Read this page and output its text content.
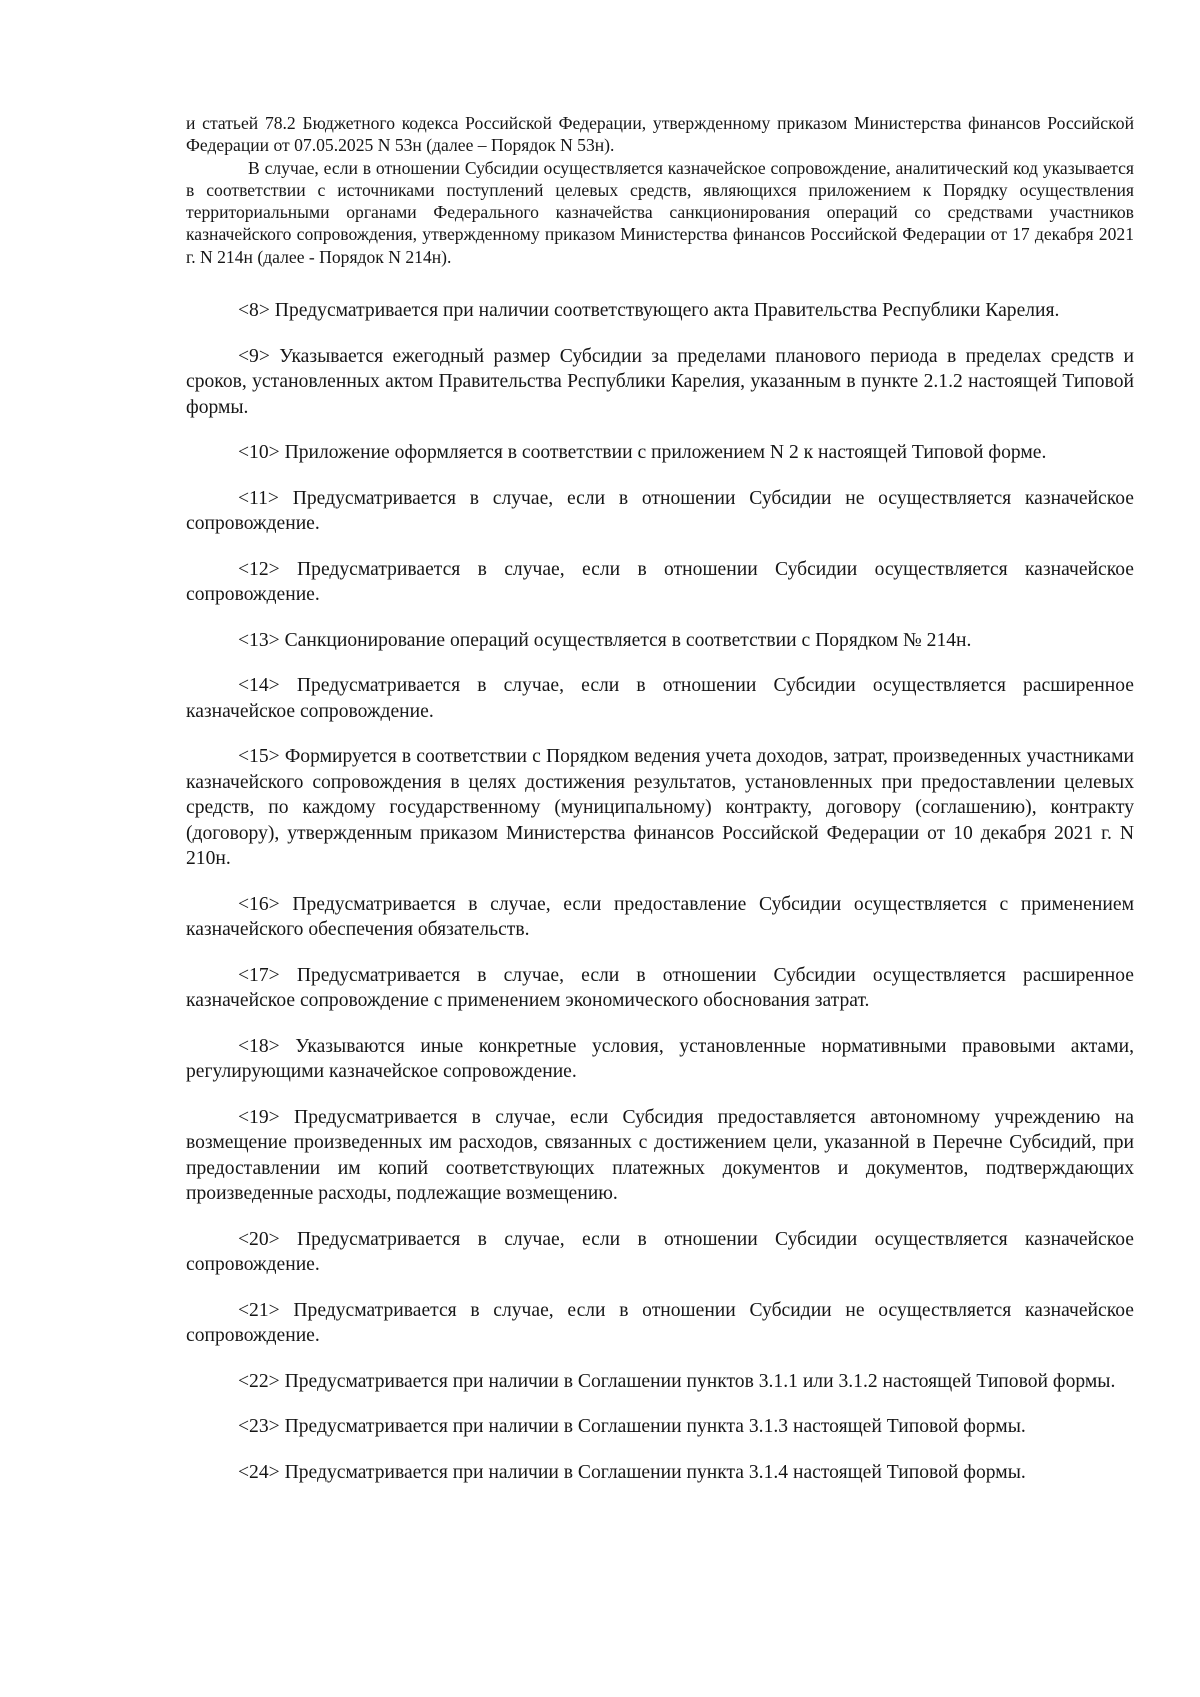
и статьей 78.2 Бюджетного кодекса Российской Федерации, утвержденному приказом Министерства финансов Российской Федерации от 07.05.2025 N 53н (далее – Порядок N 53н).

В случае, если в отношении Субсидии осуществляется казначейское сопровождение, аналитический код указывается в соответствии с источниками поступлений целевых средств, являющихся приложением к Порядку осуществления территориальными органами Федерального казначейства санкционирования операций со средствами участников казначейского сопровождения, утвержденному приказом Министерства финансов Российской Федерации от 17 декабря 2021 г. N 214н (далее - Порядок N 214н).

<8> Предусматривается при наличии соответствующего акта Правительства Республики Карелия.

<9> Указывается ежегодный размер Субсидии за пределами планового периода в пределах средств и сроков, установленных актом Правительства Республики Карелия, указанным в пункте 2.1.2 настоящей Типовой формы.

<10> Приложение оформляется в соответствии с приложением N 2 к настоящей Типовой форме.

<11> Предусматривается в случае, если в отношении Субсидии не осуществляется казначейское сопровождение.

<12> Предусматривается в случае, если в отношении Субсидии осуществляется казначейское сопровождение.

<13> Санкционирование операций осуществляется в соответствии с Порядком № 214н.

<14> Предусматривается в случае, если в отношении Субсидии осуществляется расширенное казначейское сопровождение.

<15> Формируется в соответствии с Порядком ведения учета доходов, затрат, произведенных участниками казначейского сопровождения в целях достижения результатов, установленных при предоставлении целевых средств, по каждому государственному (муниципальному) контракту, договору (соглашению), контракту (договору), утвержденным приказом Министерства финансов Российской Федерации от 10 декабря 2021 г. N 210н.

<16> Предусматривается в случае, если предоставление Субсидии осуществляется с применением казначейского обеспечения обязательств.

<17> Предусматривается в случае, если в отношении Субсидии осуществляется расширенное казначейское сопровождение с применением экономического обоснования затрат.

<18> Указываются иные конкретные условия, установленные нормативными правовыми актами, регулирующими казначейское сопровождение.

<19> Предусматривается в случае, если Субсидия предоставляется автономному учреждению на возмещение произведенных им расходов, связанных с достижением цели, указанной в Перечне Субсидий, при предоставлении им копий соответствующих платежных документов и документов, подтверждающих произведенные расходы, подлежащие возмещению.

<20> Предусматривается в случае, если в отношении Субсидии осуществляется казначейское сопровождение.

<21> Предусматривается в случае, если в отношении Субсидии не осуществляется казначейское сопровождение.

<22> Предусматривается при наличии в Соглашении пунктов 3.1.1 или 3.1.2 настоящей Типовой формы.

<23> Предусматривается при наличии в Соглашении пункта 3.1.3 настоящей Типовой формы.

<24> Предусматривается при наличии в Соглашении пункта 3.1.4 настоящей Типовой формы.
